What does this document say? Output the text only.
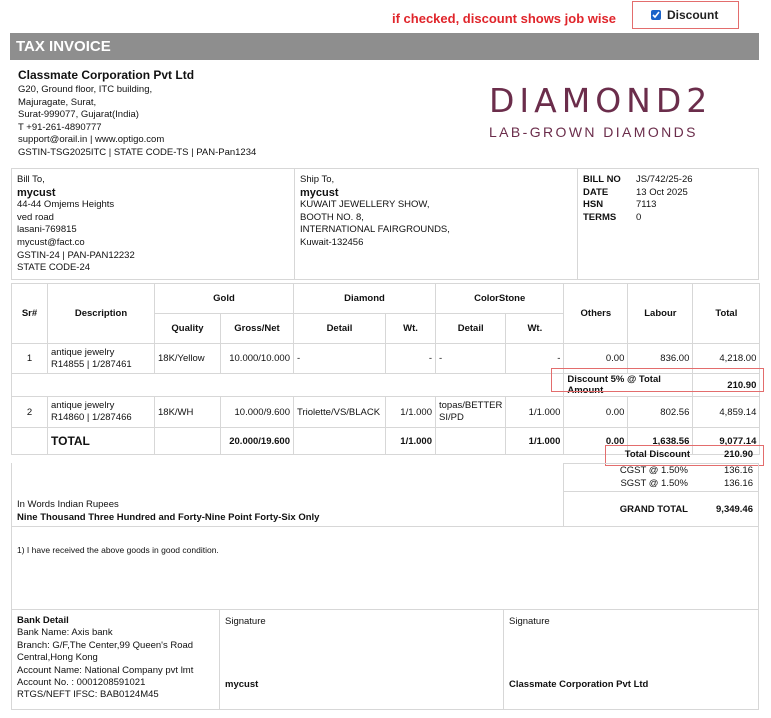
if checked, discount shows job wise	Discount
TAX INVOICE
Classmate Corporation Pvt Ltd
G20, Ground floor, ITC building,
Majuragate, Surat,
Surat-999077, Gujarat(India)
T +91-261-4890777
support@orail.in | www.optigo.com
GSTIN-TSG2025ITC | STATE CODE-TS | PAN-Pan1234
DIAMOND2
LAB-GROWN DIAMONDS
Bill To,
mycust
44-44 Omjems Heights
ved road
lasani-769815
mycust@fact.co
GSTIN-24 | PAN-PAN12232
STATE CODE-24
Ship To,
mycust
KUWAIT JEWELLERY SHOW,
BOOTH NO. 8,
INTERNATIONAL FAIRGROUNDS,
Kuwait-132456
BILL NO	JS/742/25-26
DATE	13 Oct 2025
HSN	7113
TERMS	0
Sr#	Description	Gold		Diamond		ColorStone		Others	Labour	Total
		Quality	Gross/Net	Detail	Wt.	Detail	Wt.			
1	antique jewelry
R14855 | 1/287461	18K/Yellow	10.000/10.000	-	-	-	-	0.00	836.00	4,218.00
								Discount 5% @ Total Amount		210.90
2	antique jewelry
R14860 | 1/287466	18K/WH	10.000/9.600	Triolette/VS/BLACK	1/1.000	topas/BETTER SI/PD	1/1.000	0.00	802.56	4,859.14
	TOTAL		20.000/19.600		1/1.000		1/1.000	0.00	1,638.56	9,077.14
Total Discount	210.90
CGST @ 1.50%	136.16
SGST @ 1.50%	136.16
GRAND TOTAL	9,349.46
In Words Indian Rupees
Nine Thousand Three Hundred and Forty-Nine Point Forty-Six Only
1) I have received the above goods in good condition.
Bank Detail
Bank Name: Axis bank
Branch: G/F,The Center,99 Queen's Road
Central,Hong Kong
Account Name: National Company pvt lmt
Account No. : 0001208591021
RTGS/NEFT IFSC: BAB0124M45
Signature
mycust
Signature
Classmate Corporation Pvt Ltd
